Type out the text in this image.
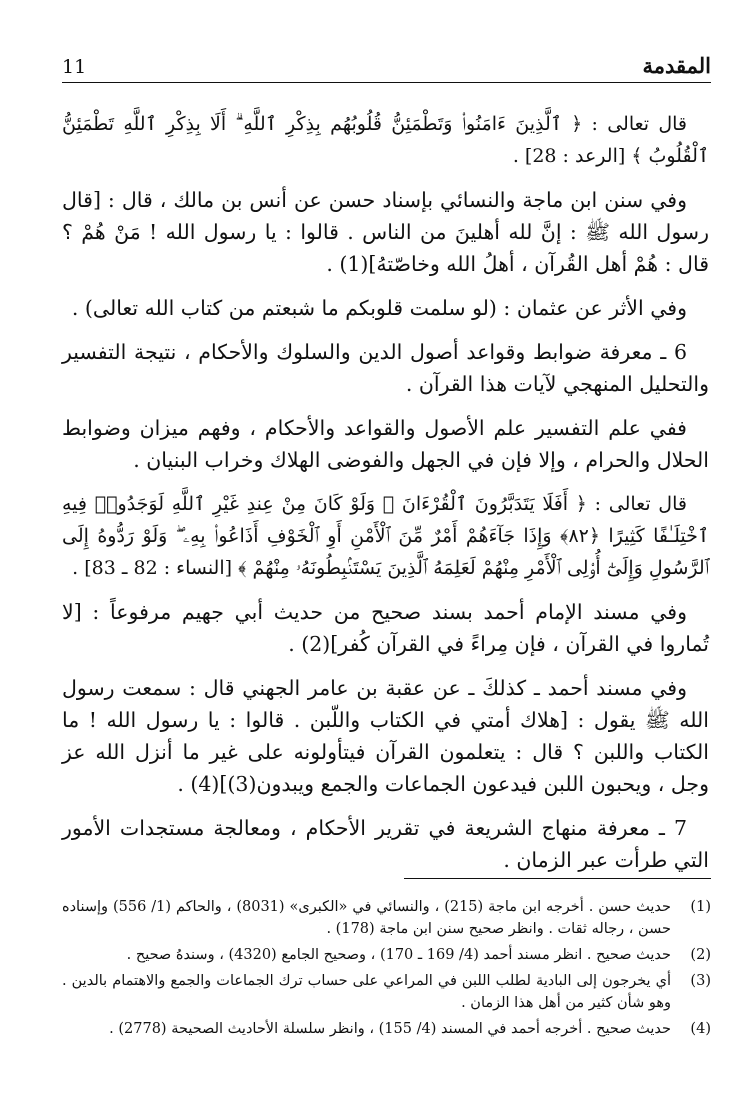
11	المقدمة

قال تعالى : ﴿ ٱلَّذِينَ ءَامَنُوا۟ وَتَطْمَئِنُّ قُلُوبُهُم بِذِكْرِ ٱللَّهِ ۗ أَلَا بِذِكْرِ ٱللَّهِ تَطْمَئِنُّ ٱلْقُلُوبُ ﴾ [الرعد : 28] .

وفي سنن ابن ماجة والنسائي بإسناد حسن عن أنس بن مالك ، قال : [قال رسول الله ﷺ : إنَّ لله أهلينَ من الناس . قالوا : يا رسول الله ! مَنْ هُمْ ؟ قال : هُمْ أهل القُرآن ، أهلُ الله وخاصّتهُ](1) .

وفي الأثر عن عثمان : (لو سلمت قلوبكم ما شبعتم من كتاب الله تعالى) .

6 ـ معرفة ضوابط وقواعد أصول الدين والسلوك والأحكام ، نتيجة التفسير والتحليل المنهجي لآيات هذا القرآن .

ففي علم التفسير علم الأصول والقواعد والأحكام ، وفهم ميزان وضوابط الحلال والحرام ، وإلا فإن في الجهل والفوضى الهلاك وخراب البنيان .

قال تعالى : ﴿ أَفَلَا يَتَدَبَّرُونَ ٱلْقُرْءَانَ ۚ وَلَوْ كَانَ مِنْ عِندِ غَيْرِ ٱللَّهِ لَوَجَدُوا۟ فِيهِ ٱخْتِلَـٰفًا كَثِيرًا ﴿٨٢﴾ وَإِذَا جَآءَهُمْ أَمْرٌ مِّنَ ٱلْأَمْنِ أَوِ ٱلْخَوْفِ أَذَاعُوا۟ بِهِۦ ۖ وَلَوْ رَدُّوهُ إِلَى ٱلرَّسُولِ وَإِلَىٰٓ أُو۟لِى ٱلْأَمْرِ مِنْهُمْ لَعَلِمَهُ ٱلَّذِينَ يَسْتَنۢبِطُونَهُۥ مِنْهُمْ ﴾ [النساء : 82 ـ 83] .

وفي مسند الإمام أحمد بسند صحيح من حديث أبي جهيم مرفوعاً : [لا تُماروا في القرآن ، فإن مِراءً في القرآن كُفر](2) .

وفي مسند أحمد ـ كذلكَ ـ عن عقبة بن عامر الجهني قال : سمعت رسول الله ﷺ يقول : [هلاك أمتي في الكتاب واللّبن . قالوا : يا رسول الله ! ما الكتاب واللبن ؟ قال : يتعلمون القرآن فيتأولونه على غير ما أنزل الله عز وجل ، ويحبون اللبن فيدعون الجماعات والجمع ويبدون(3)](4) .

7 ـ معرفة منهاج الشريعة في تقرير الأحكام ، ومعالجة مستجدات الأمور التي طرأت عبر الزمان .

(1)
حديث حسن . أخرجه ابن ماجة (215) ، والنسائي في «الكبرى» (8031) ، والحاكم (1/ 556) وإسناده حسن ، رجاله ثقات . وانظر صحيح سنن ابن ماجة (178) .
(2)
حديث صحيح . انظر مسند أحمد (4/ 169 ـ 170) ، وصحيح الجامع (4320) ، وسندهُ صحيح .
(3)
أي يخرجون إلى البادية لطلب اللبن في المراعي على حساب ترك الجماعات والجمع والاهتمام بالدين . وهو شأن كثير من أهل هذا الزمان .
(4)
حديث صحيح . أخرجه أحمد في المسند (4/ 155) ، وانظر سلسلة الأحاديث الصحيحة (2778) .
